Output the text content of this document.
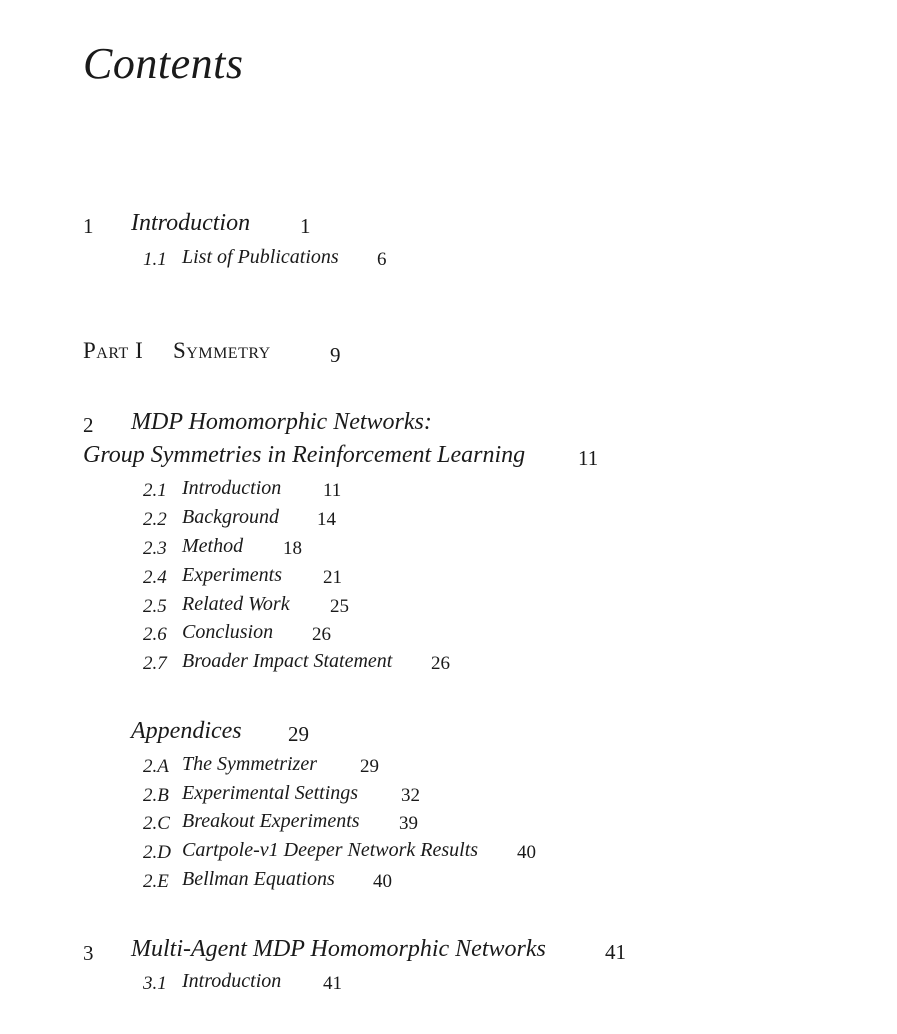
Contents
1 Introduction 1
1.1 List of Publications 6
Part I Symmetry	9
2 MDP Homomorphic Networks:
Group Symmetries in Reinforcement Learning	11
2.1 Introduction 11
2.2 Background 14
2.3 Method 18
2.4 Experiments 21
2.5 Related Work 25
2.6 Conclusion 26
2.7 Broader Impact Statement 26
Appendices 29
2.A The Symmetrizer 29
2.B Experimental Settings 32
2.C Breakout Experiments 39
2.D Cartpole-v1 Deeper Network Results 40
2.E Bellman Equations 40
3 Multi-Agent MDP Homomorphic Networks	41
3.1 Introduction 41
